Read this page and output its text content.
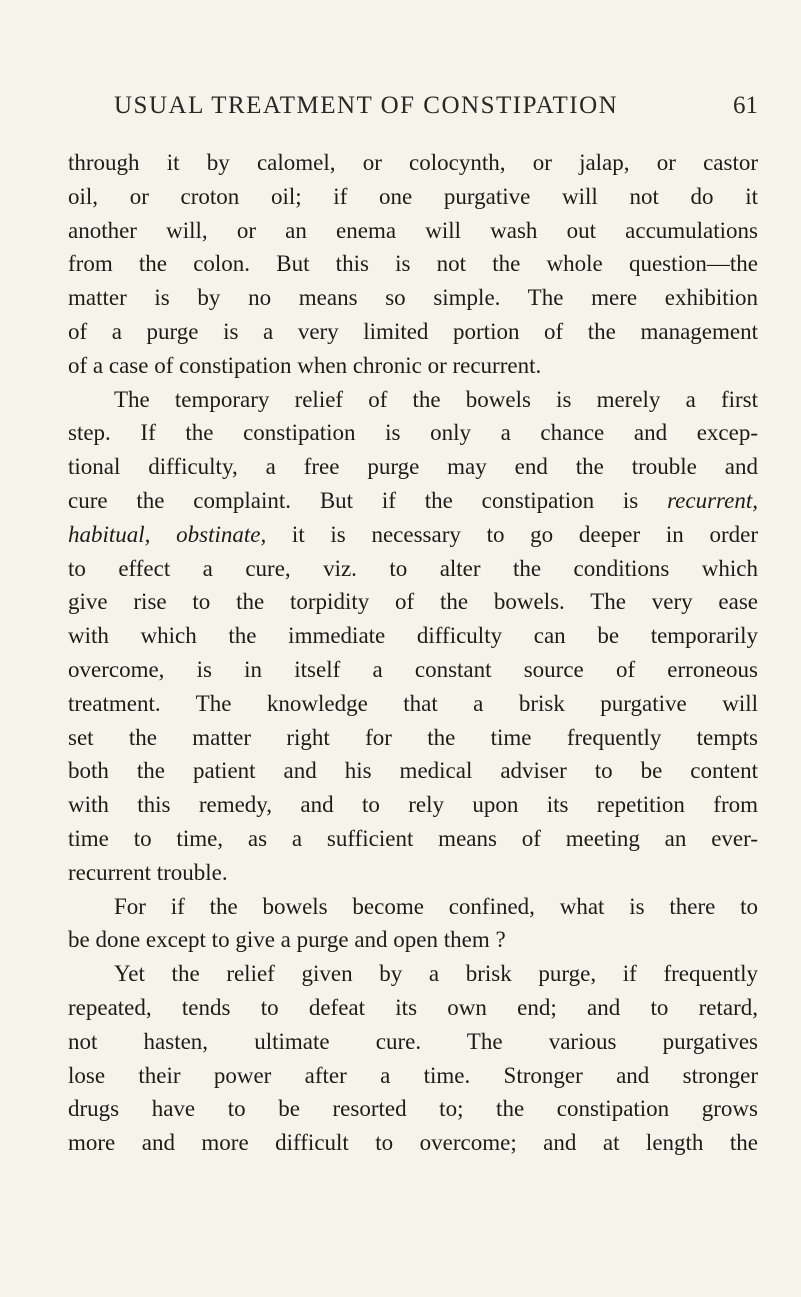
USUAL TREATMENT OF CONSTIPATION	61
through it by calomel, or colocynth, or jalap, or castor
oil, or croton oil; if one purgative will not do it
another will, or an enema will wash out accumulations
from the colon. But this is not the whole question—the
matter is by no means so simple. The mere exhibition
of a purge is a very limited portion of the management
of a case of constipation when chronic or recurrent.
The temporary relief of the bowels is merely a first
step. If the constipation is only a chance and excep-
tional difficulty, a free purge may end the trouble and
cure the complaint. But if the constipation is recurrent,
habitual, obstinate, it is necessary to go deeper in order
to effect a cure, viz. to alter the conditions which
give rise to the torpidity of the bowels. The very ease
with which the immediate difficulty can be temporarily
overcome, is in itself a constant source of erroneous
treatment. The knowledge that a brisk purgative will
set the matter right for the time frequently tempts
both the patient and his medical adviser to be content
with this remedy, and to rely upon its repetition from
time to time, as a sufficient means of meeting an ever-
recurrent trouble.
For if the bowels become confined, what is there to
be done except to give a purge and open them ?
Yet the relief given by a brisk purge, if frequently
repeated, tends to defeat its own end; and to retard,
not hasten, ultimate cure. The various purgatives
lose their power after a time. Stronger and stronger
drugs have to be resorted to; the constipation grows
more and more difficult to overcome; and at length the
